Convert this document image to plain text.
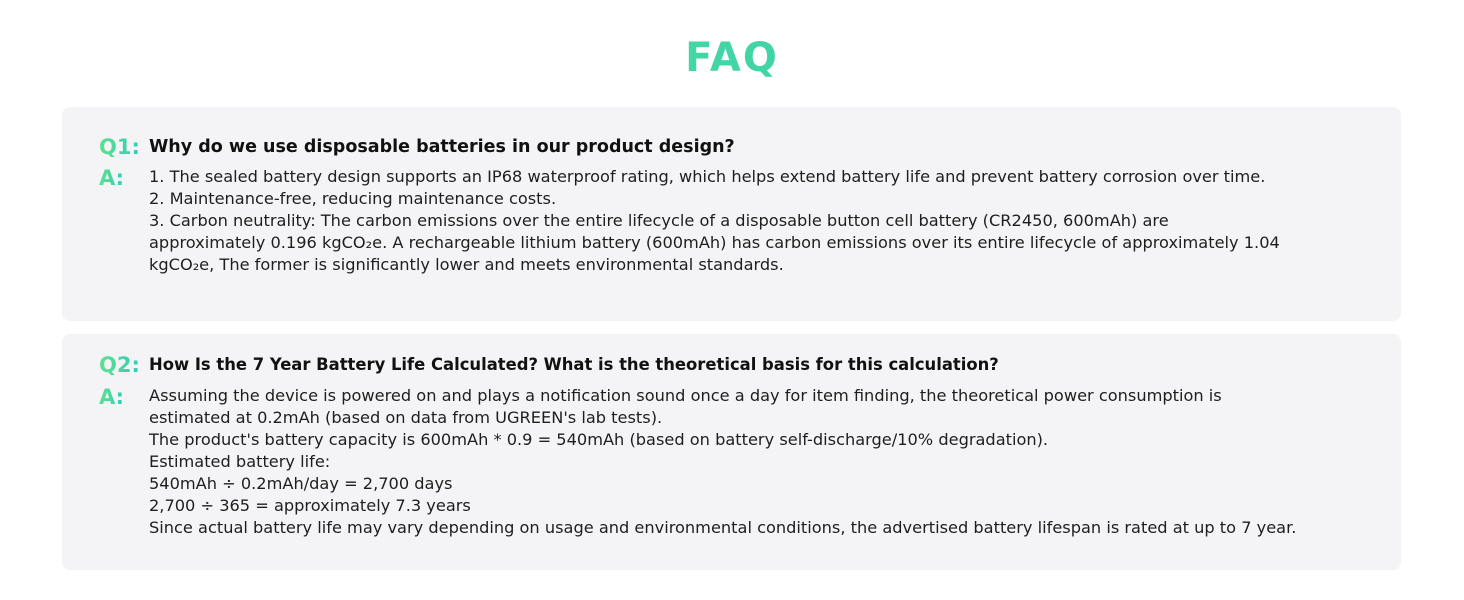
FAQ
Q1: Why do we use disposable batteries in our product design?
A: 1. The sealed battery design supports an IP68 waterproof rating, which helps extend battery life and prevent battery corrosion over time.
2. Maintenance-free, reducing maintenance costs.
3. Carbon neutrality: The carbon emissions over the entire lifecycle of a disposable button cell battery (CR2450, 600mAh) are
approximately 0.196 kgCO₂e. A rechargeable lithium battery (600mAh) has carbon emissions over its entire lifecycle of approximately 1.04
kgCO₂e, The former is significantly lower and meets environmental standards.
Q2: How Is the 7 Year Battery Life Calculated? What is the theoretical basis for this calculation?
A: Assuming the device is powered on and plays a notification sound once a day for item finding, the theoretical power consumption is
estimated at 0.2mAh (based on data from UGREEN's lab tests).
The product's battery capacity is 600mAh * 0.9 = 540mAh (based on battery self-discharge/10% degradation).
Estimated battery life:
540mAh ÷ 0.2mAh/day = 2,700 days
2,700 ÷ 365 = approximately 7.3 years
Since actual battery life may vary depending on usage and environmental conditions, the advertised battery lifespan is rated at up to 7 year.
